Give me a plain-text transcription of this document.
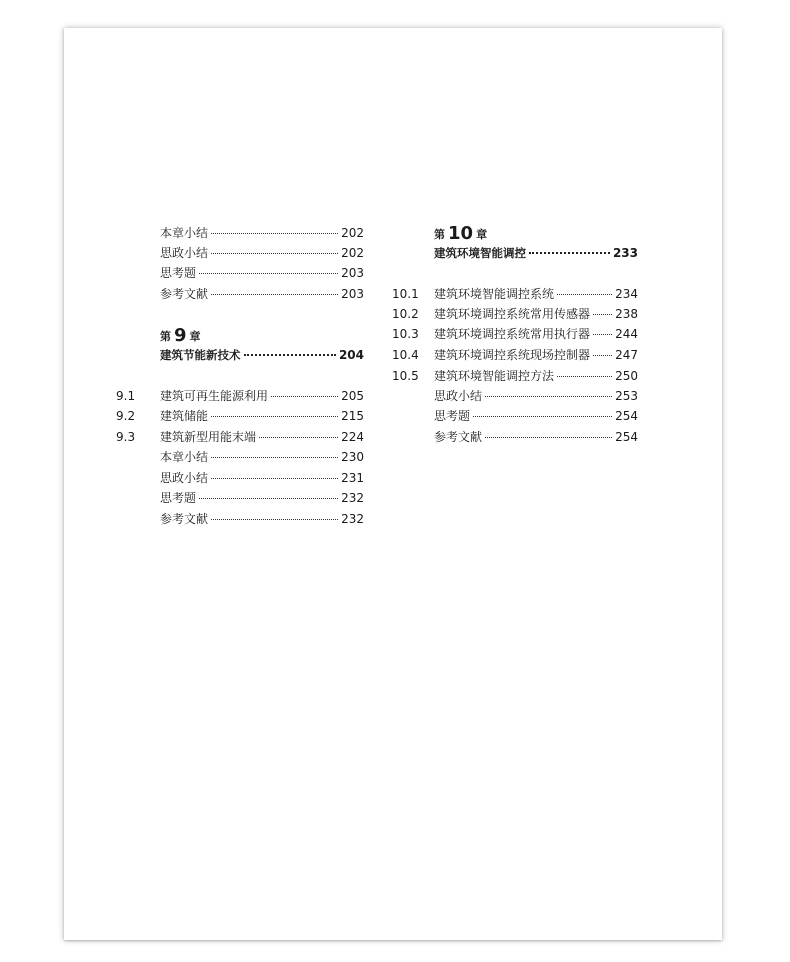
本章小结	202
思政小结	202
思考题	203
参考文献	203
第 9 章
建筑节能新技术	204
9.1 建筑可再生能源利用	205
9.2 建筑储能	215
9.3 建筑新型用能末端	224
本章小结	230
思政小结	231
思考题	232
参考文献	232
第 10 章
建筑环境智能调控	233
10.1 建筑环境智能调控系统	234
10.2 建筑环境调控系统常用传感器 238
10.3 建筑环境调控系统常用执行器 244
10.4 建筑环境调控系统现场控制器 247
10.5 建筑环境智能调控方法	250
思政小结	253
思考题	254
参考文献	254
